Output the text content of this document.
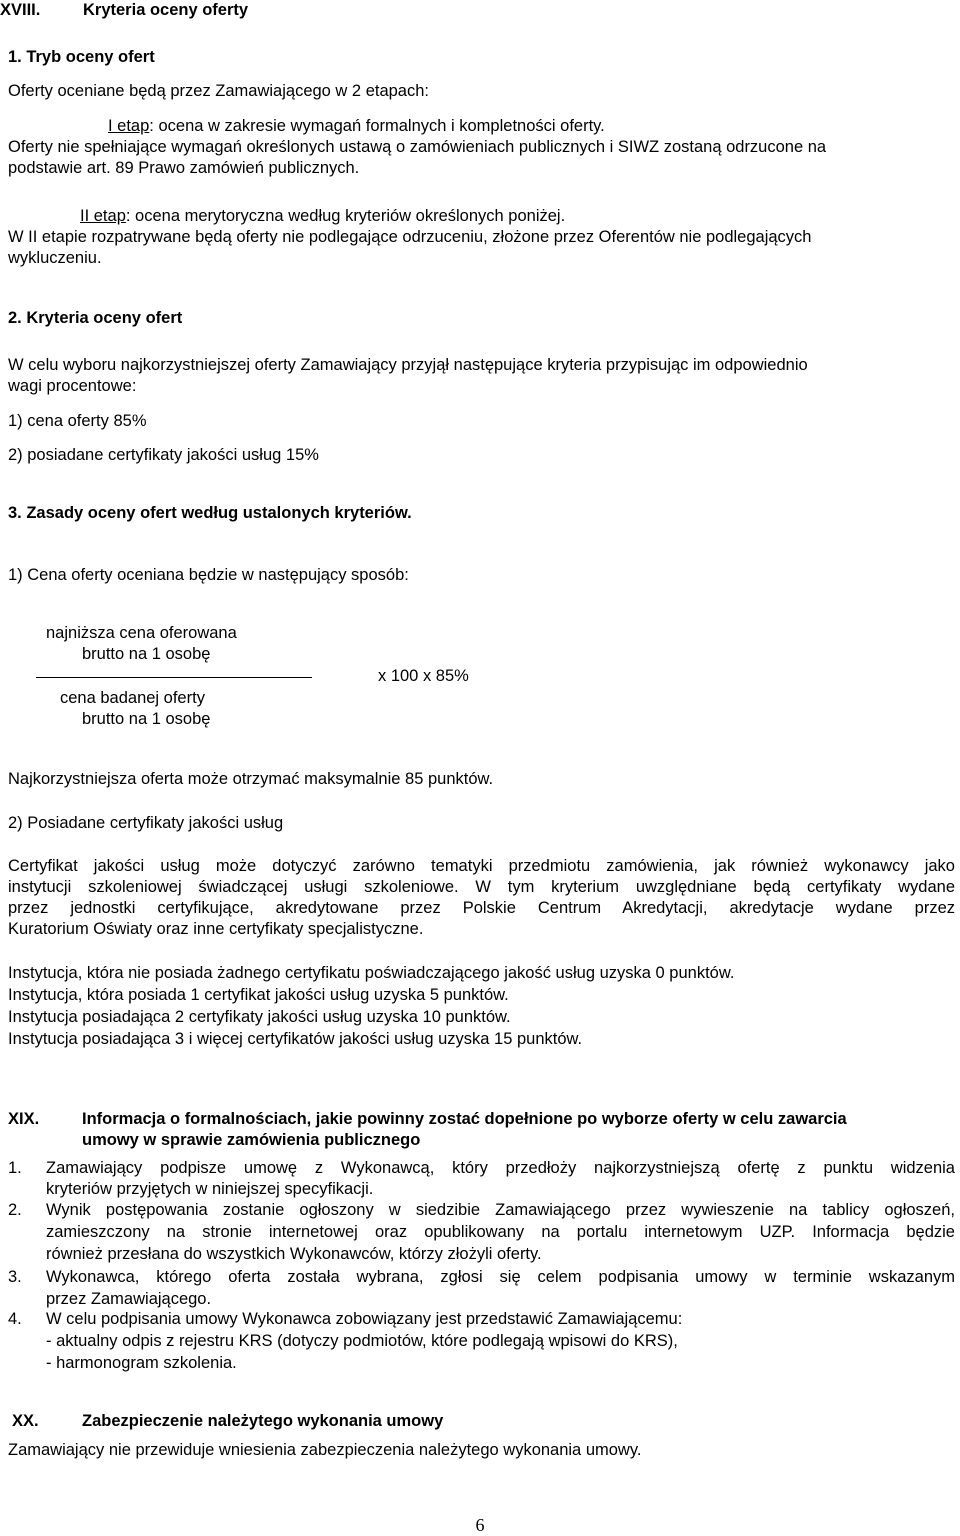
XVIII.	Kryteria oceny oferty
1. Tryb oceny ofert
Oferty oceniane będą przez Zamawiającego w 2 etapach:
I etap: ocena w zakresie wymagań formalnych i kompletności oferty.
Oferty nie spełniające wymagań określonych ustawą o zamówieniach publicznych i SIWZ zostaną odrzucone na
podstawie art. 89 Prawo zamówień publicznych.
II etap: ocena merytoryczna według kryteriów określonych poniżej.
W II etapie rozpatrywane będą oferty nie podlegające odrzuceniu, złożone przez Oferentów nie podlegających
wykluczeniu.
2. Kryteria oceny ofert
W celu wyboru najkorzystniejszej oferty Zamawiający przyjął następujące kryteria przypisując im odpowiednio
wagi procentowe:
1) cena oferty 85%
2) posiadane certyfikaty jakości usług 15%
3. Zasady oceny ofert według ustalonych kryteriów.
1) Cena oferty oceniana będzie w następujący sposób:
najniższa cena oferowana
brutto na 1 osobę
x 100 x 85%
cena badanej oferty
brutto na 1 osobę
Najkorzystniejsza oferta może otrzymać maksymalnie 85 punktów.
2) Posiadane certyfikaty jakości usług
Certyfikat jakości usług może dotyczyć zarówno tematyki przedmiotu zamówienia, jak również wykonawcy jako
instytucji szkoleniowej świadczącej usługi szkoleniowe. W tym kryterium uwzględniane będą certyfikaty wydane
przez jednostki certyfikujące, akredytowane przez Polskie Centrum Akredytacji, akredytacje wydane przez
Kuratorium Oświaty oraz inne certyfikaty specjalistyczne.
Instytucja, która nie posiada żadnego certyfikatu poświadczającego jakość usług uzyska 0 punktów.
Instytucja, która posiada 1 certyfikat jakości usług uzyska 5 punktów.
Instytucja posiadająca 2 certyfikaty jakości usług uzyska 10 punktów.
Instytucja posiadająca 3 i więcej certyfikatów jakości usług uzyska 15 punktów.
XIX.	Informacja o formalnościach, jakie powinny zostać dopełnione po wyborze oferty w celu zawarcia
umowy w sprawie zamówienia publicznego
1. Zamawiający podpisze umowę z Wykonawcą, który przedłoży najkorzystniejszą ofertę z punktu widzenia
kryteriów przyjętych w niniejszej specyfikacji.
2. Wynik postępowania zostanie ogłoszony w siedzibie Zamawiającego przez wywieszenie na tablicy ogłoszeń,
zamieszczony na stronie internetowej oraz opublikowany na portalu internetowym UZP. Informacja będzie
również przesłana do wszystkich Wykonawców, którzy złożyli oferty.
3. Wykonawca, którego oferta została wybrana, zgłosi się celem podpisania umowy w terminie wskazanym
przez Zamawiającego.
4. W celu podpisania umowy Wykonawca zobowiązany jest przedstawić Zamawiającemu:
- aktualny odpis z rejestru KRS (dotyczy podmiotów, które podlegają wpisowi do KRS),
- harmonogram szkolenia.
XX.	Zabezpieczenie należytego wykonania umowy
Zamawiający nie przewiduje wniesienia zabezpieczenia należytego wykonania umowy.
6
